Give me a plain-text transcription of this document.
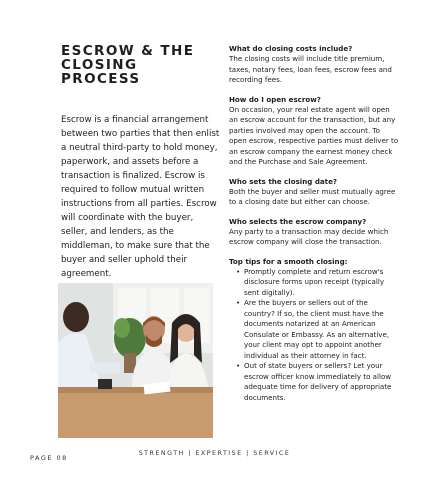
ESCROW & THE CLOSING PROCESS

Escrow is a financial arrangement between two parties that then enlist a neutral third-party to hold money, paperwork, and assets before a transaction is finalized. Escrow is required to follow mutual written instructions from all parties. Escrow will coordinate with the buyer, seller, and lenders, as the middleman, to make sure that the buyer and seller uphold their agreement.

What do closing costs include?
The closing costs will include title premium, taxes, notary fees, loan fees, escrow fees and recording fees.
How do I open escrow?
On occasion, your real estate agent will open an escrow account for the transaction, but any parties involved may open the account. To open escrow, respective parties must deliver to an escrow company the earnest money check and the Purchase and Sale Agreement.
Who sets the closing date?
Both the buyer and seller must mutually agree to a closing date but either can choose.
Who selects the escrow company?
Any party to a transaction may decide which escrow company will close the transaction.
Top tips for a smooth closing:
• Promptly complete and return escrow's disclosure forms upon receipt (typically sent digitally).
• Are the buyers or sellers out of the country? If so, the client must have the documents notarized at an American Consulate or Embassy. As an alternative, your client may opt to appoint another individual as their attorney in fact.
• Out of state buyers or sellers? Let your escrow officer know immediately to allow adequate time for delivery of appropriate documents.
PAGE 08
STRENGTH | EXPERTISE | SERVICE
